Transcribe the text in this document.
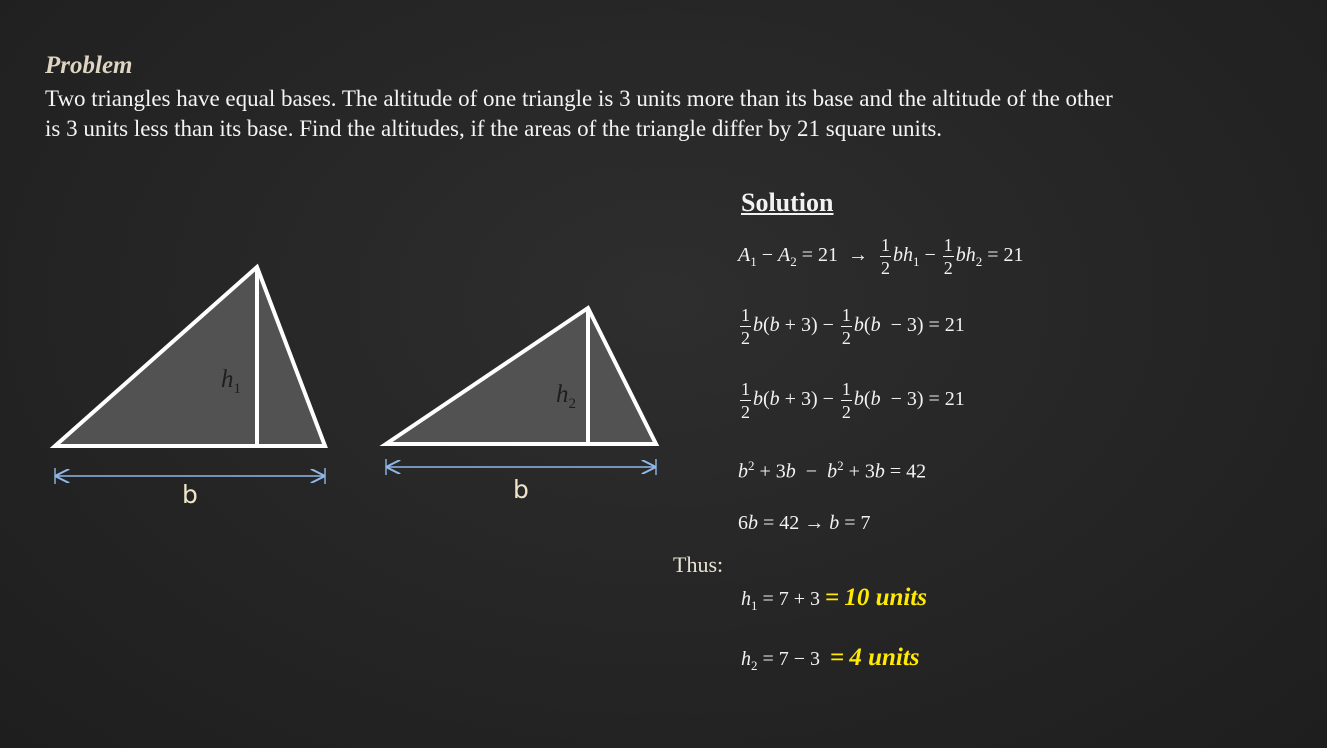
Problem
Two triangles have equal bases. The altitude of one triangle is 3 units more than its base and the altitude of the other is 3 units less than its base. Find the altitudes, if the areas of the triangle differ by 21 square units.
$h_1$
b
$h_2$
b
Solution
$A_1 - A_2 = 21 \to \frac{1}{2} bh_1 - \frac{1}{2} bh_2 = 21$
$\frac{1}{2} b(b + 3) - \frac{1}{2} b(b - 3) = 21$
$\frac{1}{2} b(b + 3) - \frac{1}{2} b(b - 3) = 21$
$b^2 + 3b - b^2 + 3b = 42$
6b = 42 → b = 7
Thus:
$h_1 = 7 + 3 = 10$ units
$h_2 = 7 - 3 = 4$ units
